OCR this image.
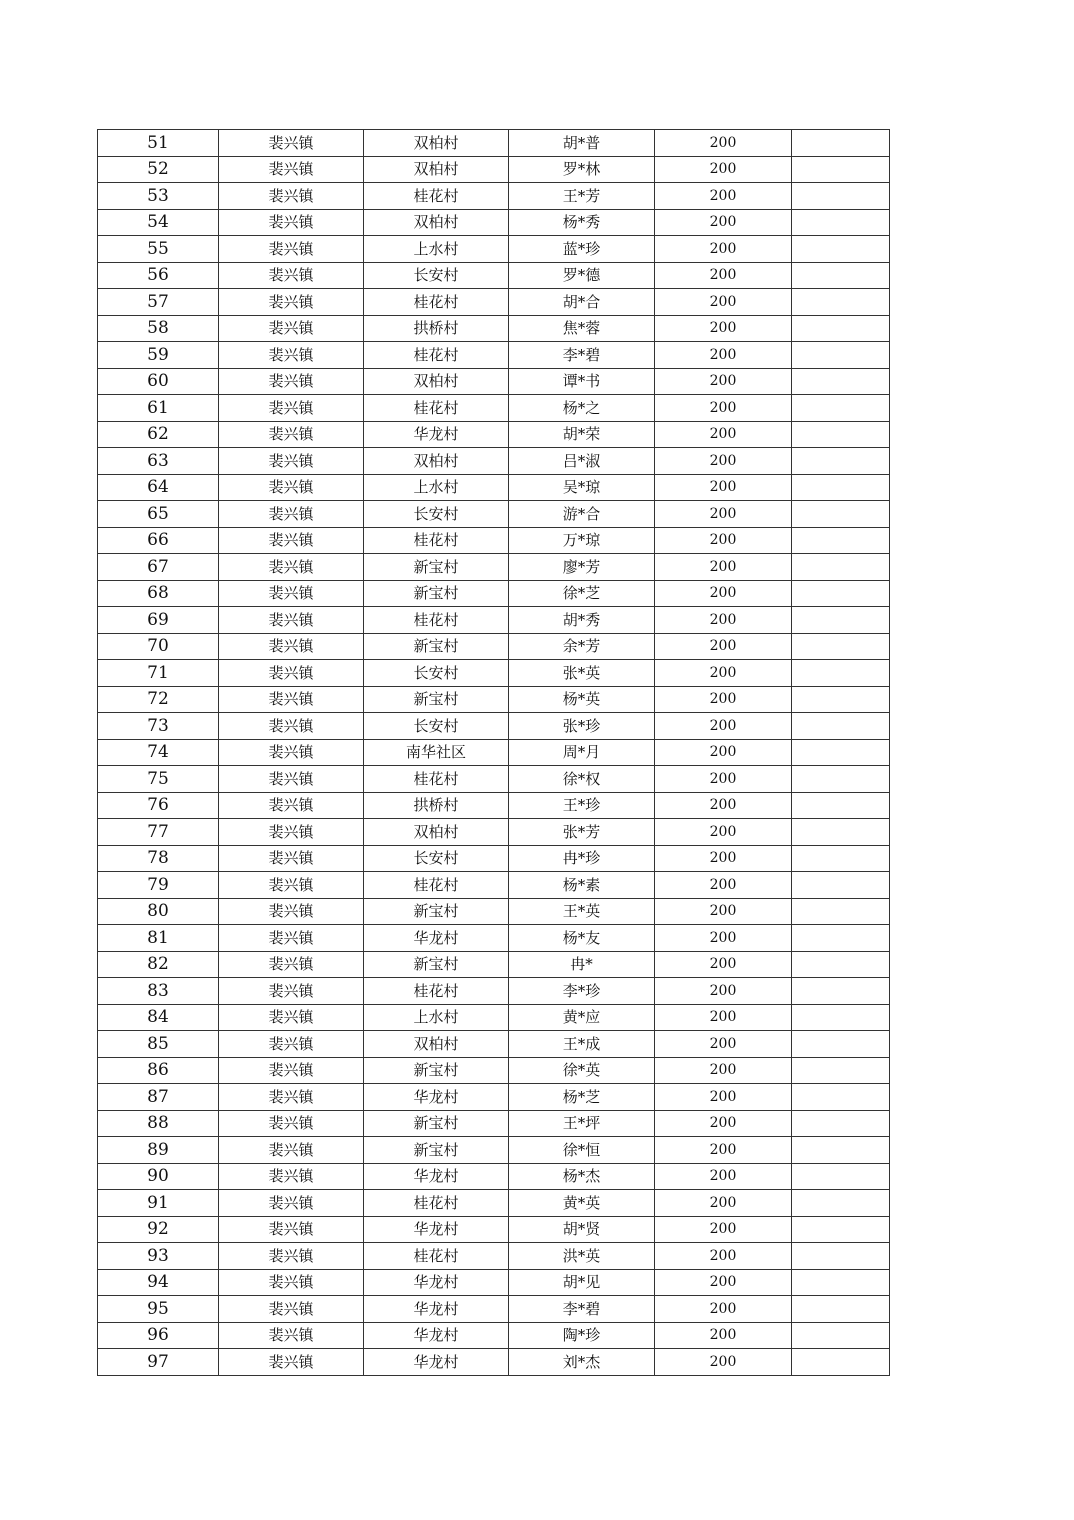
51	裴兴镇	双柏村	胡*普	200	
52	裴兴镇	双柏村	罗*林	200	
53	裴兴镇	桂花村	王*芳	200	
54	裴兴镇	双柏村	杨*秀	200	
55	裴兴镇	上水村	蓝*珍	200	
56	裴兴镇	长安村	罗*德	200	
57	裴兴镇	桂花村	胡*合	200	
58	裴兴镇	拱桥村	焦*蓉	200	
59	裴兴镇	桂花村	李*碧	200	
60	裴兴镇	双柏村	谭*书	200	
61	裴兴镇	桂花村	杨*之	200	
62	裴兴镇	华龙村	胡*荣	200	
63	裴兴镇	双柏村	吕*淑	200	
64	裴兴镇	上水村	吴*琼	200	
65	裴兴镇	长安村	游*合	200	
66	裴兴镇	桂花村	万*琼	200	
67	裴兴镇	新宝村	廖*芳	200	
68	裴兴镇	新宝村	徐*芝	200	
69	裴兴镇	桂花村	胡*秀	200	
70	裴兴镇	新宝村	余*芳	200	
71	裴兴镇	长安村	张*英	200	
72	裴兴镇	新宝村	杨*英	200	
73	裴兴镇	长安村	张*珍	200	
74	裴兴镇	南华社区	周*月	200	
75	裴兴镇	桂花村	徐*权	200	
76	裴兴镇	拱桥村	王*珍	200	
77	裴兴镇	双柏村	张*芳	200	
78	裴兴镇	长安村	冉*珍	200	
79	裴兴镇	桂花村	杨*素	200	
80	裴兴镇	新宝村	王*英	200	
81	裴兴镇	华龙村	杨*友	200	
82	裴兴镇	新宝村	冉*	200	
83	裴兴镇	桂花村	李*珍	200	
84	裴兴镇	上水村	黄*应	200	
85	裴兴镇	双柏村	王*成	200	
86	裴兴镇	新宝村	徐*英	200	
87	裴兴镇	华龙村	杨*芝	200	
88	裴兴镇	新宝村	王*坪	200	
89	裴兴镇	新宝村	徐*恒	200	
90	裴兴镇	华龙村	杨*杰	200	
91	裴兴镇	桂花村	黄*英	200	
92	裴兴镇	华龙村	胡*贤	200	
93	裴兴镇	桂花村	洪*英	200	
94	裴兴镇	华龙村	胡*见	200	
95	裴兴镇	华龙村	李*碧	200	
96	裴兴镇	华龙村	陶*珍	200	
97	裴兴镇	华龙村	刘*杰	200	
